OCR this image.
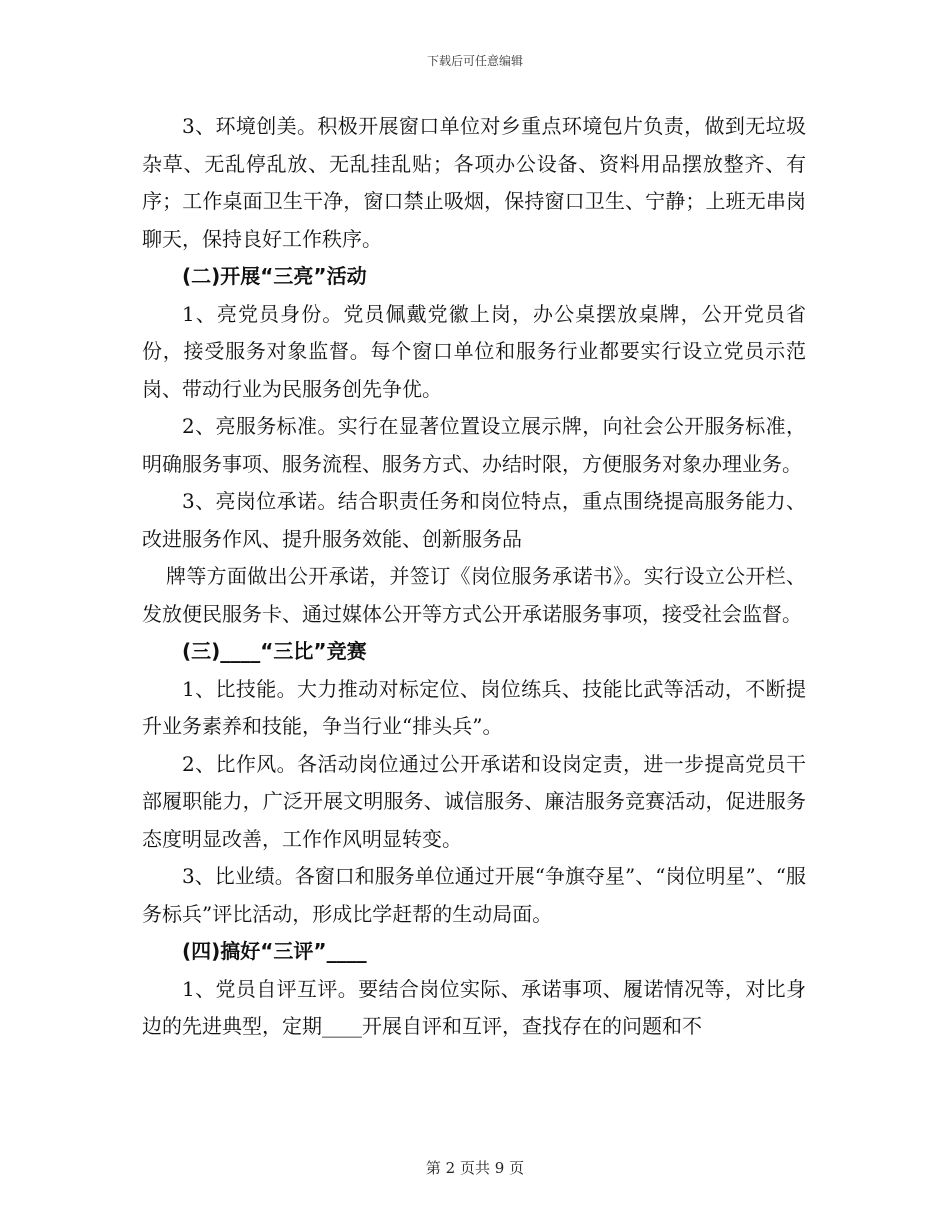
下载后可任意编辑

3、环境创美。积极开展窗口单位对乡重点环境包片负责，做到无垃圾杂草、无乱停乱放、无乱挂乱贴；各项办公设备、资料用品摆放整齐、有序；工作桌面卫生干净，窗口禁止吸烟，保持窗口卫生、宁静；上班无串岗聊天，保持良好工作秩序。

(二)开展“三亮”活动

1、亮党员身份。党员佩戴党徽上岗，办公桌摆放桌牌，公开党员省份，接受服务对象监督。每个窗口单位和服务行业都要实行设立党员示范岗、带动行业为民服务创先争优。

2、亮服务标准。实行在显著位置设立展示牌，向社会公开服务标准，明确服务事项、服务流程、服务方式、办结时限，方便服务对象办理业务。

3、亮岗位承诺。结合职责任务和岗位特点，重点围绕提高服务能力、改进服务作风、提升服务效能、创新服务品

牌等方面做出公开承诺，并签订《岗位服务承诺书》。实行设立公开栏、发放便民服务卡、通过媒体公开等方式公开承诺服务事项，接受社会监督。

(三)____“三比”竞赛

1、比技能。大力推动对标定位、岗位练兵、技能比武等活动，不断提升业务素养和技能，争当行业“排头兵”。

2、比作风。各活动岗位通过公开承诺和设岗定责，进一步提高党员干部履职能力，广泛开展文明服务、诚信服务、廉洁服务竞赛活动，促进服务态度明显改善，工作作风明显转变。

3、比业绩。各窗口和服务单位通过开展“争旗夺星”、“岗位明星”、“服务标兵”评比活动，形成比学赶帮的生动局面。

(四)搞好“三评”____

1、党员自评互评。要结合岗位实际、承诺事项、履诺情况等，对比身边的先进典型，定期____开展自评和互评，查找存在的问题和不

第 2 页共 9 页
